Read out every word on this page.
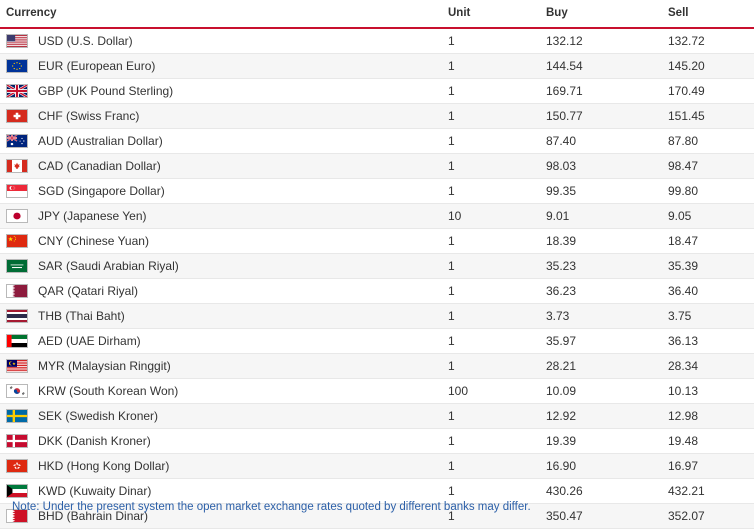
Currency	Unit	Buy	Sell

USD (U.S. Dollar)	1	132.12	132.72

EUR (European Euro)	1	144.54	145.20

GBP (UK Pound Sterling)	1	169.71	170.49

CHF (Swiss Franc)	1	150.77	151.45

AUD (Australian Dollar)	1	87.40	87.80

CAD (Canadian Dollar)	1	98.03	98.47

SGD (Singapore Dollar)	1	99.35	99.80

JPY (Japanese Yen)	10	9.01	9.05

CNY (Chinese Yuan)	1	18.39	18.47

SAR (Saudi Arabian Riyal)	1	35.23	35.39

QAR (Qatari Riyal)	1	36.23	36.40

THB (Thai Baht)	1	3.73	3.75

AED (UAE Dirham)	1	35.97	36.13

MYR (Malaysian Ringgit)	1	28.21	28.34

KRW (South Korean Won)	100	10.09	10.13

SEK (Swedish Kroner)	1	12.92	12.98

DKK (Danish Kroner)	1	19.39	19.48

HKD (Hong Kong Dollar)	1	16.90	16.97

KWD (Kuwaity Dinar)	1	430.26	432.21

BHD (Bahrain Dinar)	1	350.47	352.07
Note: Under the present system the open market exchange rates quoted by different banks may differ.
